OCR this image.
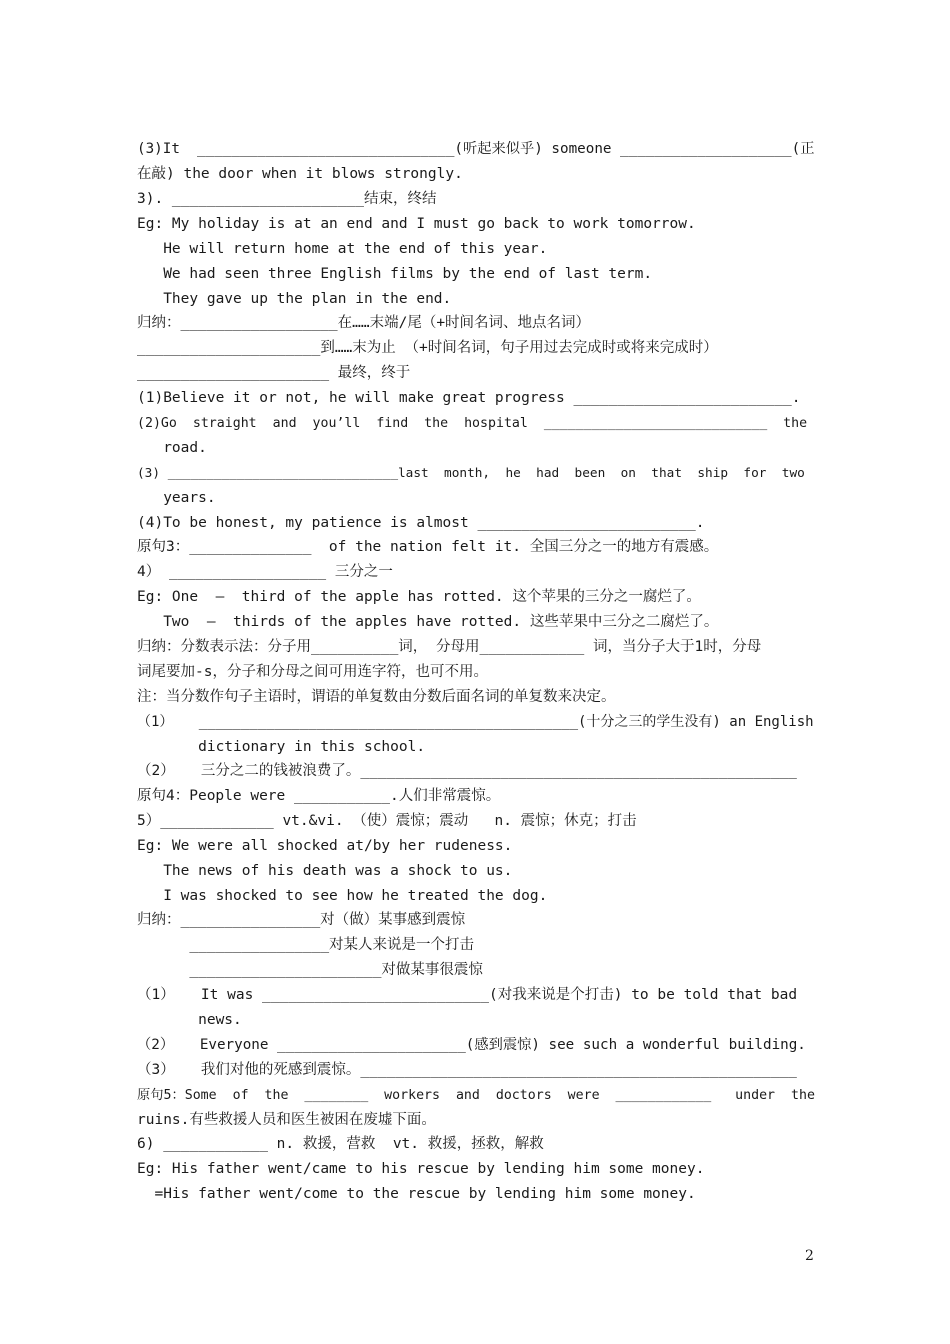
(3)It  ______________________________(听起来似乎) someone ____________________(正
在敲) the door when it blows strongly.
3). ______________________结束，终结
Eg: My holiday is at an end and I must go back to work tomorrow.
He will return home at the end of this year.
We had seen three English films by the end of last term.
They gave up the plan in the end.
归纳：__________________在……末端/尾（+时间名词、地点名词）
_____________________到……末为止 （+时间名词，句子用过去完成时或将来完成时）
______________________ 最终，终于
(1)Believe it or not, he will make great progress _________________________.
(2)Go  straight  and  you’ll  find  the  hospital  ____________________________  the
road.
(3) ______________________________last  month,  he  had  been  on  that  ship  for  two
years.
(4)To be honest, my patience is almost _________________________.
原句3：______________  of the nation felt it. 全国三分之一的地方有震感。
4） __________________ 三分之一
Eg: One  –  third of the apple has rotted. 这个苹果的三分之一腐烂了。
Two  –  thirds of the apples have rotted. 这些苹果中三分之二腐烂了。
归纳：分数表示法：分子用__________词， 分母用____________ 词，当分子大于1时，分母
词尾要加-s，分子和分母之间可用连字符，也可不用。
注：当分数作句子主语时，谓语的单复数由分数后面名词的单复数来决定。
（1）   _____________________________________________(十分之三的学生没有) an English
dictionary in this school.
（2）   三分之二的钱被浪费了。__________________________________________________
原句4：People were ___________.人们非常震惊。
5）_____________ vt.&vi. （使）震惊；震动   n. 震惊；休克；打击
Eg: We were all shocked at/by her rudeness.
The news of his death was a shock to us.
I was shocked to see how he treated the dog.
归纳：________________对（做）某事感到震惊
________________对某人来说是一个打击
______________________对做某事很震惊
（1）   It was __________________________(对我来说是个打击) to be told that bad
news.
（2）   Everyone ______________________(感到震惊) see such a wonderful building.
（3）   我们对他的死感到震惊。__________________________________________________
原句5：Some  of  the  ________  workers  and  doctors  were  ____________   under  the
ruins.有些救援人员和医生被困在废墟下面。
6) ____________ n. 救援，营救  vt. 救援，拯救，解救
Eg: His father went/came to his rescue by lending him some money.
=His father went/come to the rescue by lending him some money.
2
